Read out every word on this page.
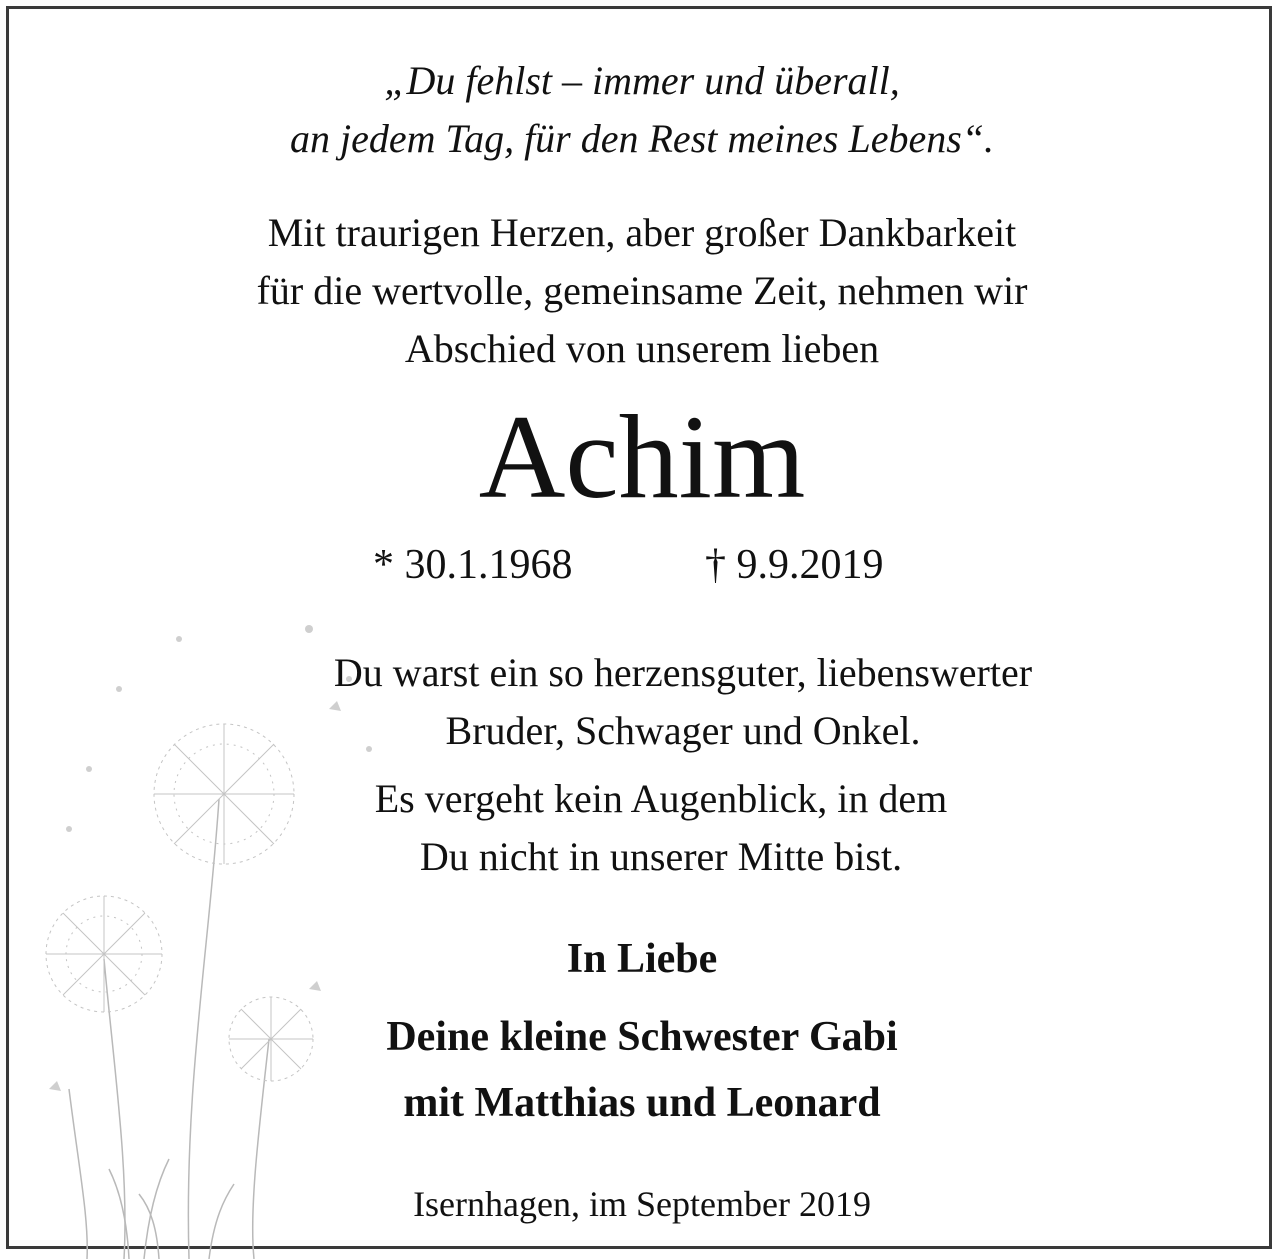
„Du fehlst – immer und überall,
an jedem Tag, für den Rest meines Lebens“.
Mit traurigen Herzen, aber großer Dankbarkeit
für die wertvolle, gemeinsame Zeit, nehmen wir
Abschied von unserem lieben
Achim
* 30.1.1968	† 9.9.2019
Du warst ein so herzensguter, liebenswerter
Bruder, Schwager und Onkel.
Es vergeht kein Augenblick, in dem
Du nicht in unserer Mitte bist.
In Liebe
Deine kleine Schwester Gabi
mit Matthias und Leonard
Isernhagen, im September 2019
